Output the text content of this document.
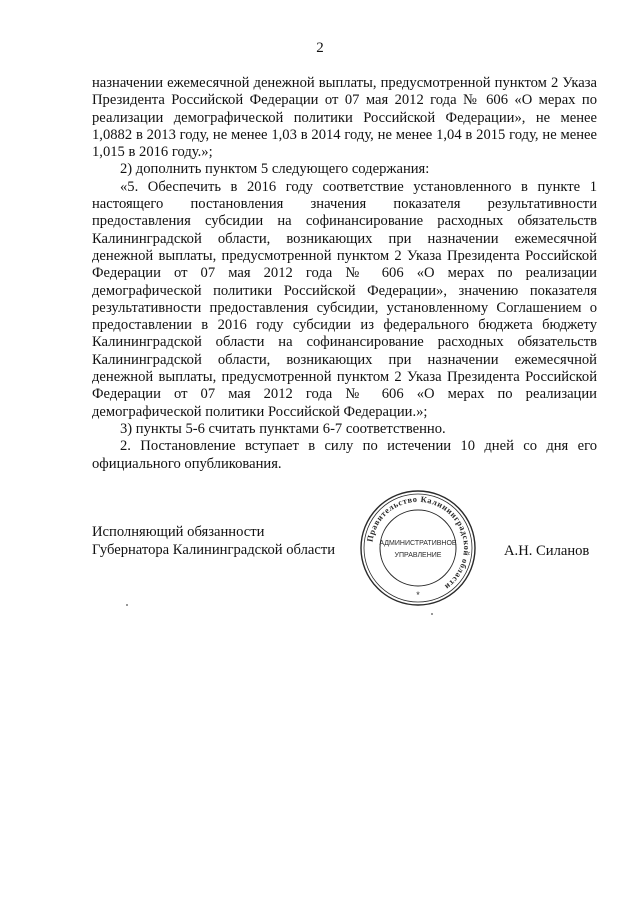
2

назначении ежемесячной денежной выплаты, предусмотренной пунктом 2 Указа Президента Российской Федерации от 07 мая 2012 года № 606 «О мерах по реализации демографической политики Российской Федерации», не менее 1,0882 в 2013 году, не менее 1,03 в 2014 году, не менее 1,04 в 2015 году, не менее 1,015 в 2016 году.»;

2) дополнить пунктом 5 следующего содержания:

«5. Обеспечить в 2016 году соответствие установленного в пункте 1 настоящего постановления значения показателя результативности предоставления субсидии на софинансирование расходных обязательств Калининградской области, возникающих при назначении ежемесячной денежной выплаты, предусмотренной пунктом 2 Указа Президента Российской Федерации от 07 мая 2012 года № 606 «О мерах по реализации демографической политики Российской Федерации», значению показателя результативности предоставления субсидии, установленному Соглашением о предоставлении в 2016 году субсидии из федерального бюджета бюджету Калининградской области на софинансирование расходных обязательств Калининградской области, возникающих при назначении ежемесячной денежной выплаты, предусмотренной пунктом 2 Указа Президента Российской Федерации от 07 мая 2012 года № 606 «О мерах по реализации демографической политики Российской Федерации.»;

3) пункты 5-6 считать пунктами 6-7 соответственно.

2. Постановление вступает в силу по истечении 10 дней со дня его официального опубликования.

Исполняющий обязанности
Губернатора Калининградской области	А.Н. Силанов
Правительство Калининградской области
АДМИНИСТРАТИВНОЕ
УПРАВЛЕНИЕ
*
